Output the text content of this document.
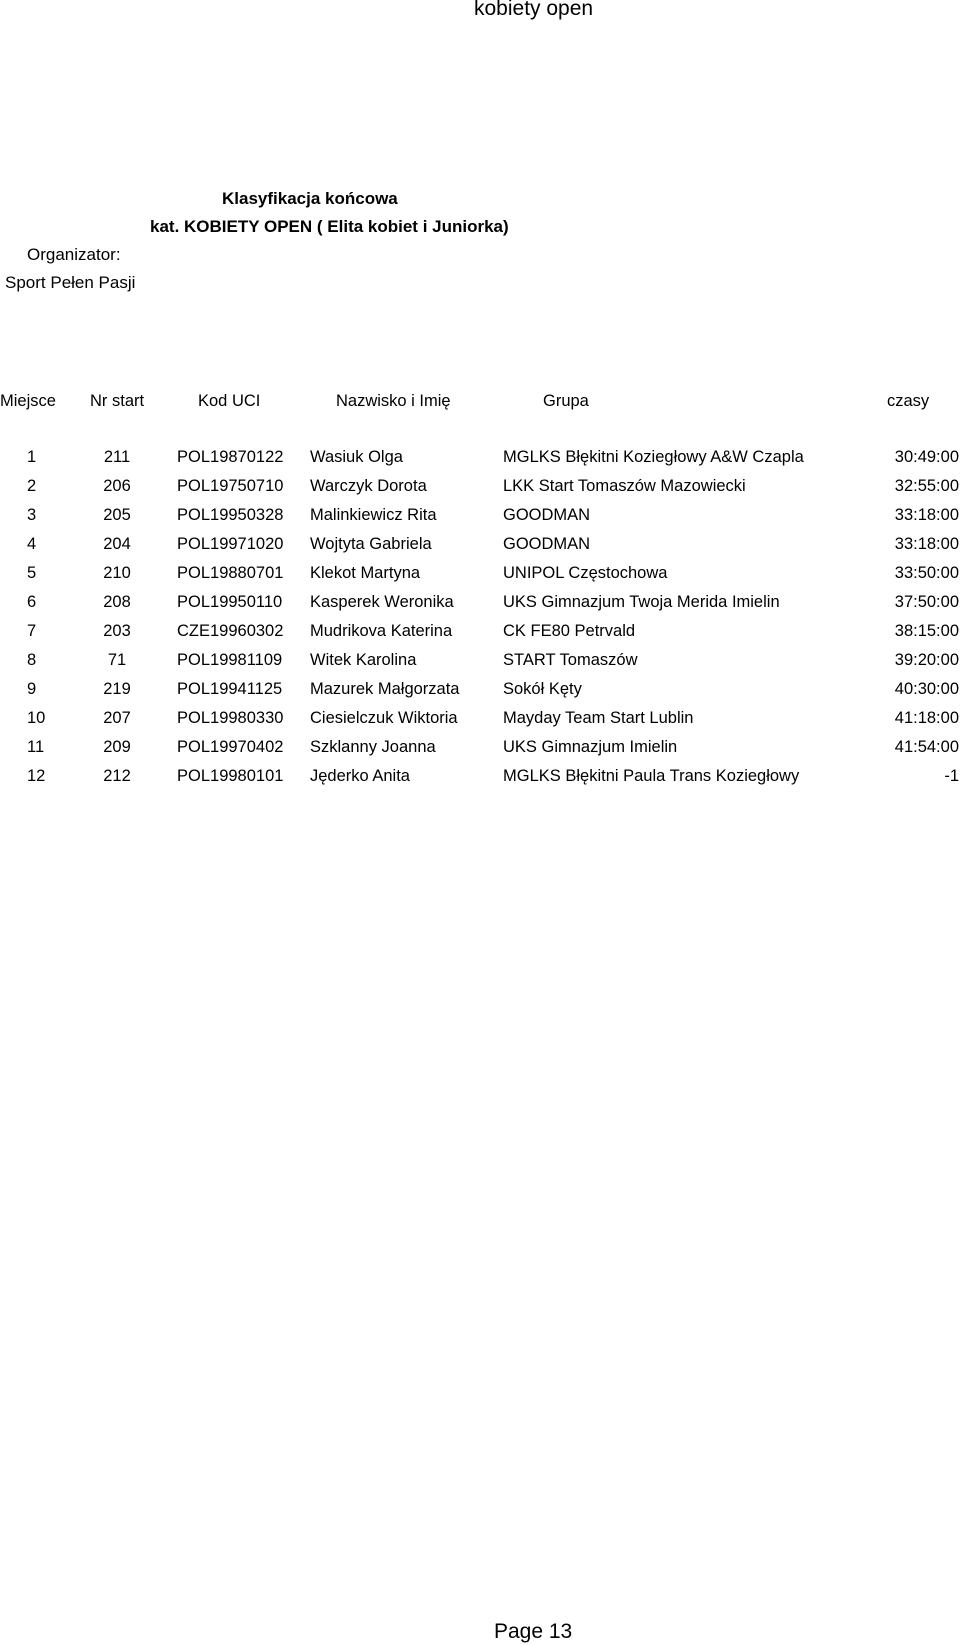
kobiety open
Klasyfikacja końcowa
kat. KOBIETY OPEN ( Elita kobiet i Juniorka)
Organizator:
Sport Pełen Pasji
Miejsce Nr start	Kod UCI	Nazwisko i Imię	Grupa	czasy
1	211	POL19870122 Wasiuk Olga	MGLKS Błękitni Koziegłowy A&W Czapla	30:49:00
2	206	POL19750710 Warczyk Dorota	LKK Start Tomaszów Mazowiecki	32:55:00
3	205	POL19950328 Malinkiewicz Rita	GOODMAN	33:18:00
4	204	POL19971020 Wojtyta Gabriela	GOODMAN	33:18:00
5	210	POL19880701 Klekot Martyna	UNIPOL Częstochowa	33:50:00
6	208	POL19950110 Kasperek Weronika	UKS Gimnazjum Twoja Merida Imielin	37:50:00
7	203	CZE19960302 Mudrikova Katerina	CK FE80 Petrvald	38:15:00
8	71	POL19981109 Witek Karolina	START Tomaszów	39:20:00
9	219	POL19941125 Mazurek Małgorzata	Sokół Kęty	40:30:00
10	207	POL19980330 Ciesielczuk Wiktoria	Mayday Team Start Lublin	41:18:00
11	209	POL19970402 Szklanny Joanna	UKS Gimnazjum Imielin	41:54:00
12	212	POL19980101 Jęderko Anita	MGLKS Błękitni Paula Trans Koziegłowy	-1
Page 13
